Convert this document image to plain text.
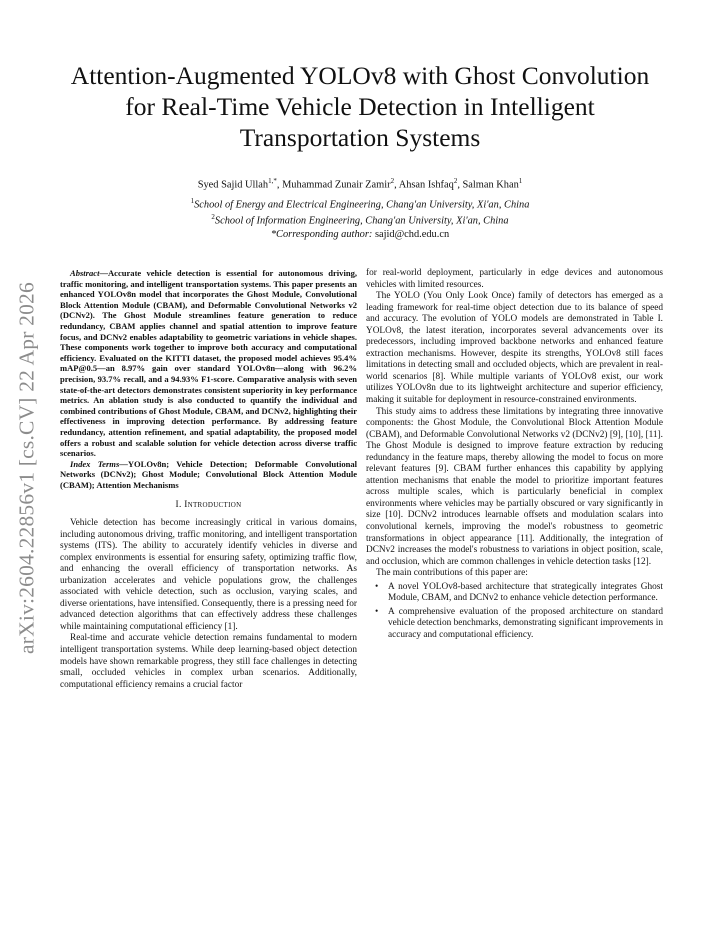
arXiv:2604.22856v1 [cs.CV] 22 Apr 2026
Attention-Augmented YOLOv8 with Ghost Convolution for Real-Time Vehicle Detection in Intelligent Transportation Systems
Syed Sajid Ullah$^{1,*}$, Muhammad Zunair Zamir$^2$, Ahsan Ishfaq$^2$, Salman Khan$^1$
$^1$School of Energy and Electrical Engineering, Chang'an University, Xi'an, China
$^2$School of Information Engineering, Chang'an University, Xi'an, China
*Corresponding author: sajid@chd.edu.cn

Abstract—Accurate vehicle detection is essential for autonomous driving, traffic monitoring, and intelligent transportation systems. This paper presents an enhanced YOLOv8n model that incorporates the Ghost Module, Convolutional Block Attention Module (CBAM), and Deformable Convolutional Networks v2 (DCNv2). The Ghost Module streamlines feature generation to reduce redundancy, CBAM applies channel and spatial attention to improve feature focus, and DCNv2 enables adaptability to geometric variations in vehicle shapes. These components work together to improve both accuracy and computational efficiency. Evaluated on the KITTI dataset, the proposed model achieves 95.4% mAP@0.5—an 8.97% gain over standard YOLOv8n—along with 96.2% precision, 93.7% recall, and a 94.93% F1-score. Comparative analysis with seven state-of-the-art detectors demonstrates consistent superiority in key performance metrics. An ablation study is also conducted to quantify the individual and combined contributions of Ghost Module, CBAM, and DCNv2, highlighting their effectiveness in improving detection performance. By addressing feature redundancy, attention refinement, and spatial adaptability, the proposed model offers a robust and scalable solution for vehicle detection across diverse traffic scenarios.

Index Terms—YOLOv8n; Vehicle Detection; Deformable Convolutional Networks (DCNv2); Ghost Module; Convolutional Block Attention Module (CBAM); Attention Mechanisms

I. Introduction

Vehicle detection has become increasingly critical in various domains, including autonomous driving, traffic monitoring, and intelligent transportation systems (ITS). The ability to accurately identify vehicles in diverse and complex environments is essential for ensuring safety, optimizing traffic flow, and enhancing the overall efficiency of transportation networks. As urbanization accelerates and vehicle populations grow, the challenges associated with vehicle detection, such as occlusion, varying scales, and diverse orientations, have intensified. Consequently, there is a pressing need for advanced detection algorithms that can effectively address these challenges while maintaining computational efficiency [1].

Real-time and accurate vehicle detection remains fundamental to modern intelligent transportation systems. While deep learning-based object detection models have shown remarkable progress, they still face challenges in detecting small, occluded vehicles in complex urban scenarios. Additionally, computational efficiency remains a crucial factor

for real-world deployment, particularly in edge devices and autonomous vehicles with limited resources.

The YOLO (You Only Look Once) family of detectors has emerged as a leading framework for real-time object detection due to its balance of speed and accuracy. The evolution of YOLO models are demonstrated in Table I. YOLOv8, the latest iteration, incorporates several advancements over its predecessors, including improved backbone networks and enhanced feature extraction mechanisms. However, despite its strengths, YOLOv8 still faces limitations in detecting small and occluded objects, which are prevalent in real-world scenarios [8]. While multiple variants of YOLOv8 exist, our work utilizes YOLOv8n due to its lightweight architecture and superior efficiency, making it suitable for deployment in resource-constrained environments.

This study aims to address these limitations by integrating three innovative components: the Ghost Module, the Convolutional Block Attention Module (CBAM), and Deformable Convolutional Networks v2 (DCNv2) [9], [10], [11]. The Ghost Module is designed to improve feature extraction by reducing redundancy in the feature maps, thereby allowing the model to focus on more relevant features [9]. CBAM further enhances this capability by applying attention mechanisms that enable the model to prioritize important features across multiple scales, which is particularly beneficial in complex environments where vehicles may be partially obscured or vary significantly in size [10]. DCNv2 introduces learnable offsets and modulation scalars into convolutional kernels, improving the model's robustness to geometric transformations in object appearance [11]. Additionally, the integration of DCNv2 increases the model's robustness to variations in object position, scale, and occlusion, which are common challenges in vehicle detection tasks [12].

The main contributions of this paper are:

• A novel YOLOv8-based architecture that strategically integrates Ghost Module, CBAM, and DCNv2 to enhance vehicle detection performance.
• A comprehensive evaluation of the proposed architecture on standard vehicle detection benchmarks, demonstrating significant improvements in accuracy and computational efficiency.
